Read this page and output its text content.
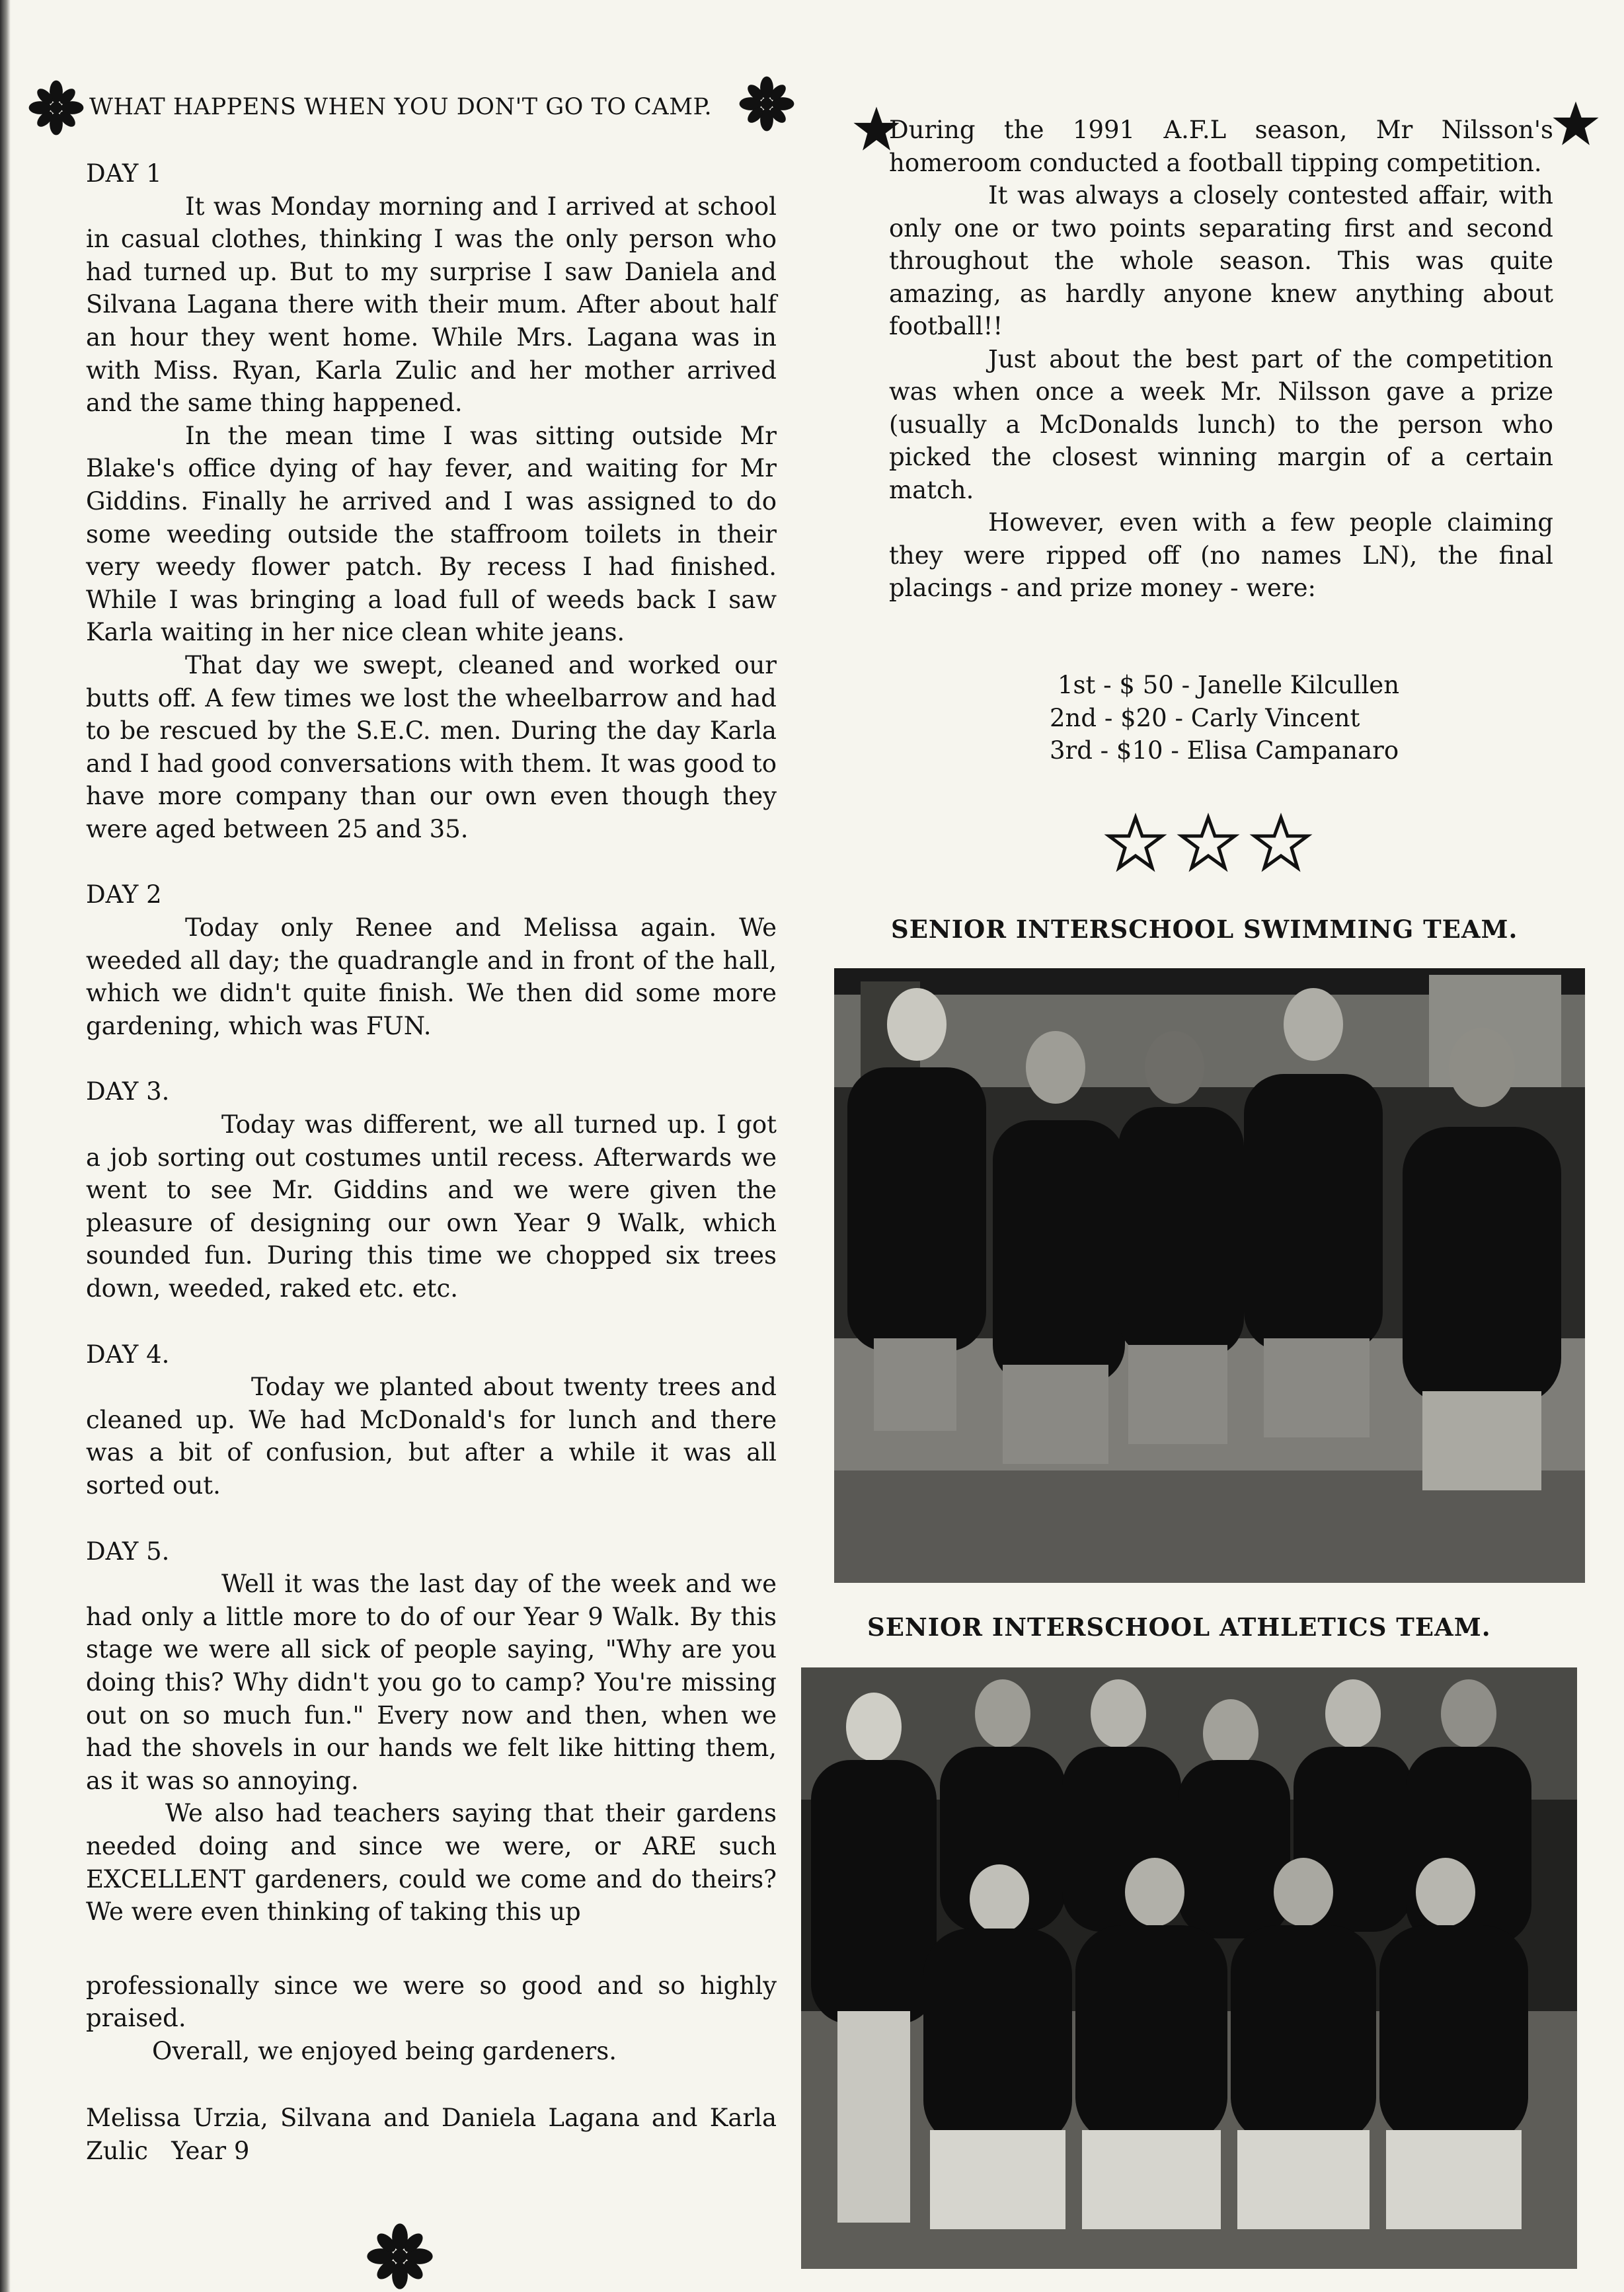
WHAT HAPPENS WHEN YOU DON'T GO TO CAMP.

DAY 1

It was Monday morning and I arrived at school in casual clothes, thinking I was the only person who had turned up. But to my surprise I saw Daniela and Silvana Lagana there with their mum. After about half an hour they went home. While Mrs. Lagana was in with Miss. Ryan, Karla Zulic and her mother arrived and the same thing happened.

In the mean time I was sitting outside Mr Blake's office dying of hay fever, and waiting for Mr Giddins. Finally he arrived and I was assigned to do some weeding outside the staffroom toilets in their very weedy flower patch. By recess I had finished. While I was bringing a load full of weeds back I saw Karla waiting in her nice clean white jeans.

That day we swept, cleaned and worked our butts off. A few times we lost the wheelbarrow and had to be rescued by the S.E.C. men. During the day Karla and I had good conversations with them. It was good to have more company than our own even though they were aged between 25 and 35.

DAY 2

Today only Renee and Melissa again. We weeded all day; the quadrangle and in front of the hall, which we didn't quite finish. We then did some more gardening, which was FUN.

DAY 3.

Today was different, we all turned up. I got a job sorting out costumes until recess. Afterwards we went to see Mr. Giddins and we were given the pleasure of designing our own Year 9 Walk, which sounded fun. During this time we chopped six trees down, weeded, raked etc. etc.

DAY 4.

Today we planted about twenty trees and cleaned up. We had McDonald's for lunch and there was a bit of confusion, but after a while it was all sorted out.

DAY 5.

Well it was the last day of the week and we had only a little more to do of our Year 9 Walk. By this stage we were all sick of people saying, "Why are you doing this? Why didn't you go to camp? You're missing out on so much fun." Every now and then, when we had the shovels in our hands we felt like hitting them, as it was so annoying.

We also had teachers saying that their gardens needed doing and since we were, or ARE such EXCELLENT gardeners, could we come and do theirs? We were even thinking of taking this up

professionally since we were so good and so highly praised.

Overall, we enjoyed being gardeners.

Melissa Urzia, Silvana and Daniela Lagana and Karla Zulic Year 9

During the 1991 A.F.L season, Mr Nilsson's homeroom conducted a football tipping competition.

It was always a closely contested affair, with only one or two points separating first and second throughout the whole season. This was quite amazing, as hardly anyone knew anything about football!!

Just about the best part of the competition was when once a week Mr. Nilsson gave a prize (usually a McDonalds lunch) to the person who picked the closest winning margin of a certain match.

However, even with a few people claiming they were ripped off (no names LN), the final placings - and prize money - were:

1st - $ 50 - Janelle Kilcullen
2nd - $20 - Carly Vincent
3rd - $10 - Elisa Campanaro
SENIOR INTERSCHOOL SWIMMING TEAM.
SENIOR INTERSCHOOL ATHLETICS TEAM.
